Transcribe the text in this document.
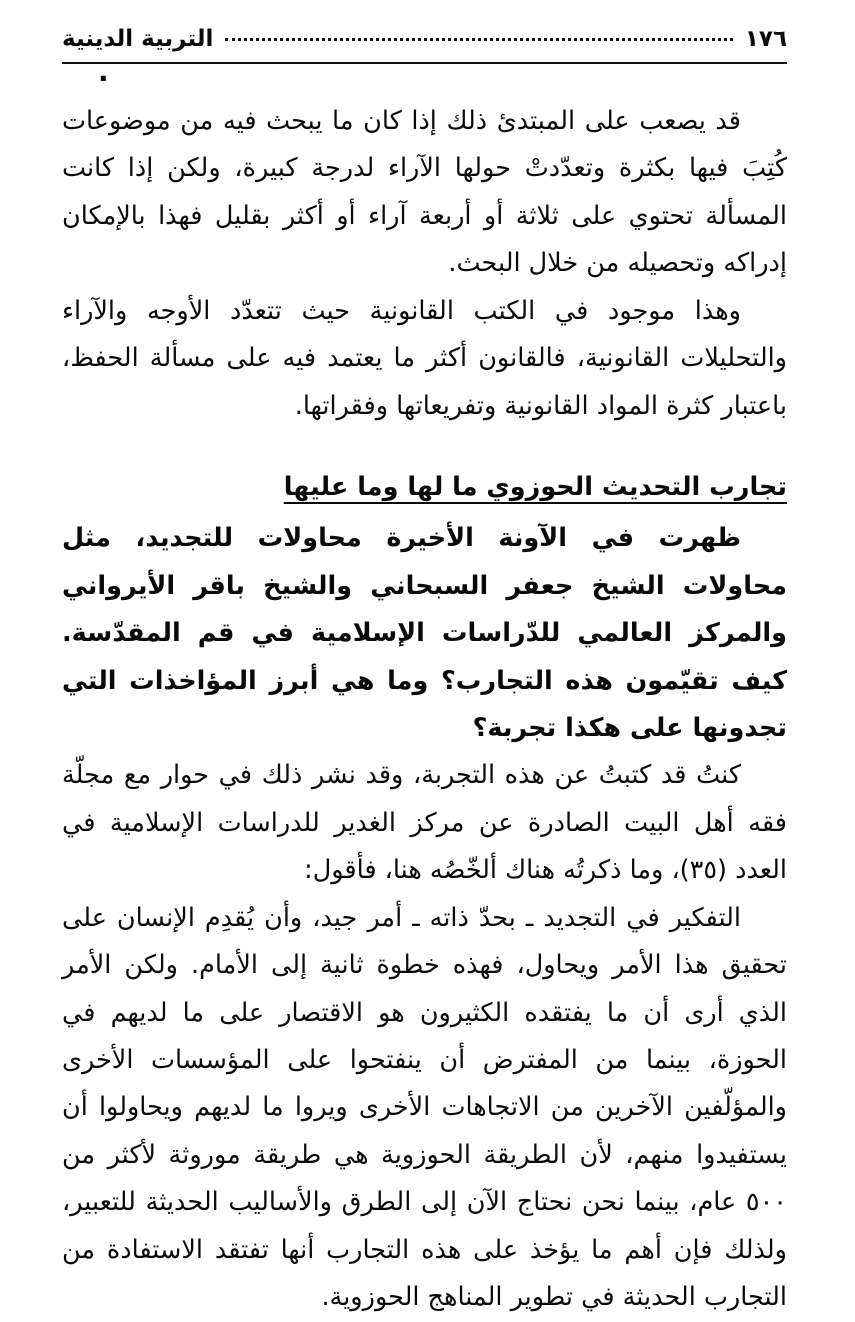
١٧٦
التربية الدينية
.

قد يصعب على المبتدئ ذلك إذا كان ما يبحث فيه من موضوعات كُتِبَ فيها بكثرة وتعدّدتْ حولها الآراء لدرجة كبيرة، ولكن إذا كانت المسألة تحتوي على ثلاثة أو أربعة آراء أو أكثر بقليل فهذا بالإمكان إدراكه وتحصيله من خلال البحث.

وهذا موجود في الكتب القانونية حيث تتعدّد الأوجه والآراء والتحليلات القانونية، فالقانون أكثر ما يعتمد فيه على مسألة الحفظ، باعتبار كثرة المواد القانونية وتفريعاتها وفقراتها.

تجارب التحديث الحوزوي ما لها وما عليها

ظهرت في الآونة الأخيرة محاولات للتجديد، مثل محاولات الشيخ جعفر السبحاني والشيخ باقر الأيرواني والمركز العالمي للدّراسات الإسلامية في قم المقدّسة. كيف تقيّمون هذه التجارب؟ وما هي أبرز المؤاخذات التي تجدونها على هكذا تجربة؟

كنتُ قد كتبتُ عن هذه التجربة، وقد نشر ذلك في حوار مع مجلّة فقه أهل البيت الصادرة عن مركز الغدير للدراسات الإسلامية في العدد (٣٥)، وما ذكرتُه هناك ألخّصُه هنا، فأقول:

التفكير في التجديد ـ بحدّ ذاته ـ أمر جيد، وأن يُقدِم الإنسان على تحقيق هذا الأمر ويحاول، فهذه خطوة ثانية إلى الأمام. ولكن الأمر الذي أرى أن ما يفتقده الكثيرون هو الاقتصار على ما لديهم في الحوزة، بينما من المفترض أن ينفتحوا على المؤسسات الأخرى والمؤلّفين الآخرين من الاتجاهات الأخرى ويروا ما لديهم ويحاولوا أن يستفيدوا منهم، لأن الطريقة الحوزوية هي طريقة موروثة لأكثر من ٥٠٠ عام، بينما نحن نحتاج الآن إلى الطرق والأساليب الحديثة للتعبير، ولذلك فإن أهم ما يؤخذ على هذه التجارب أنها تفتقد الاستفادة من التجارب الحديثة في تطوير المناهج الحوزوية.
